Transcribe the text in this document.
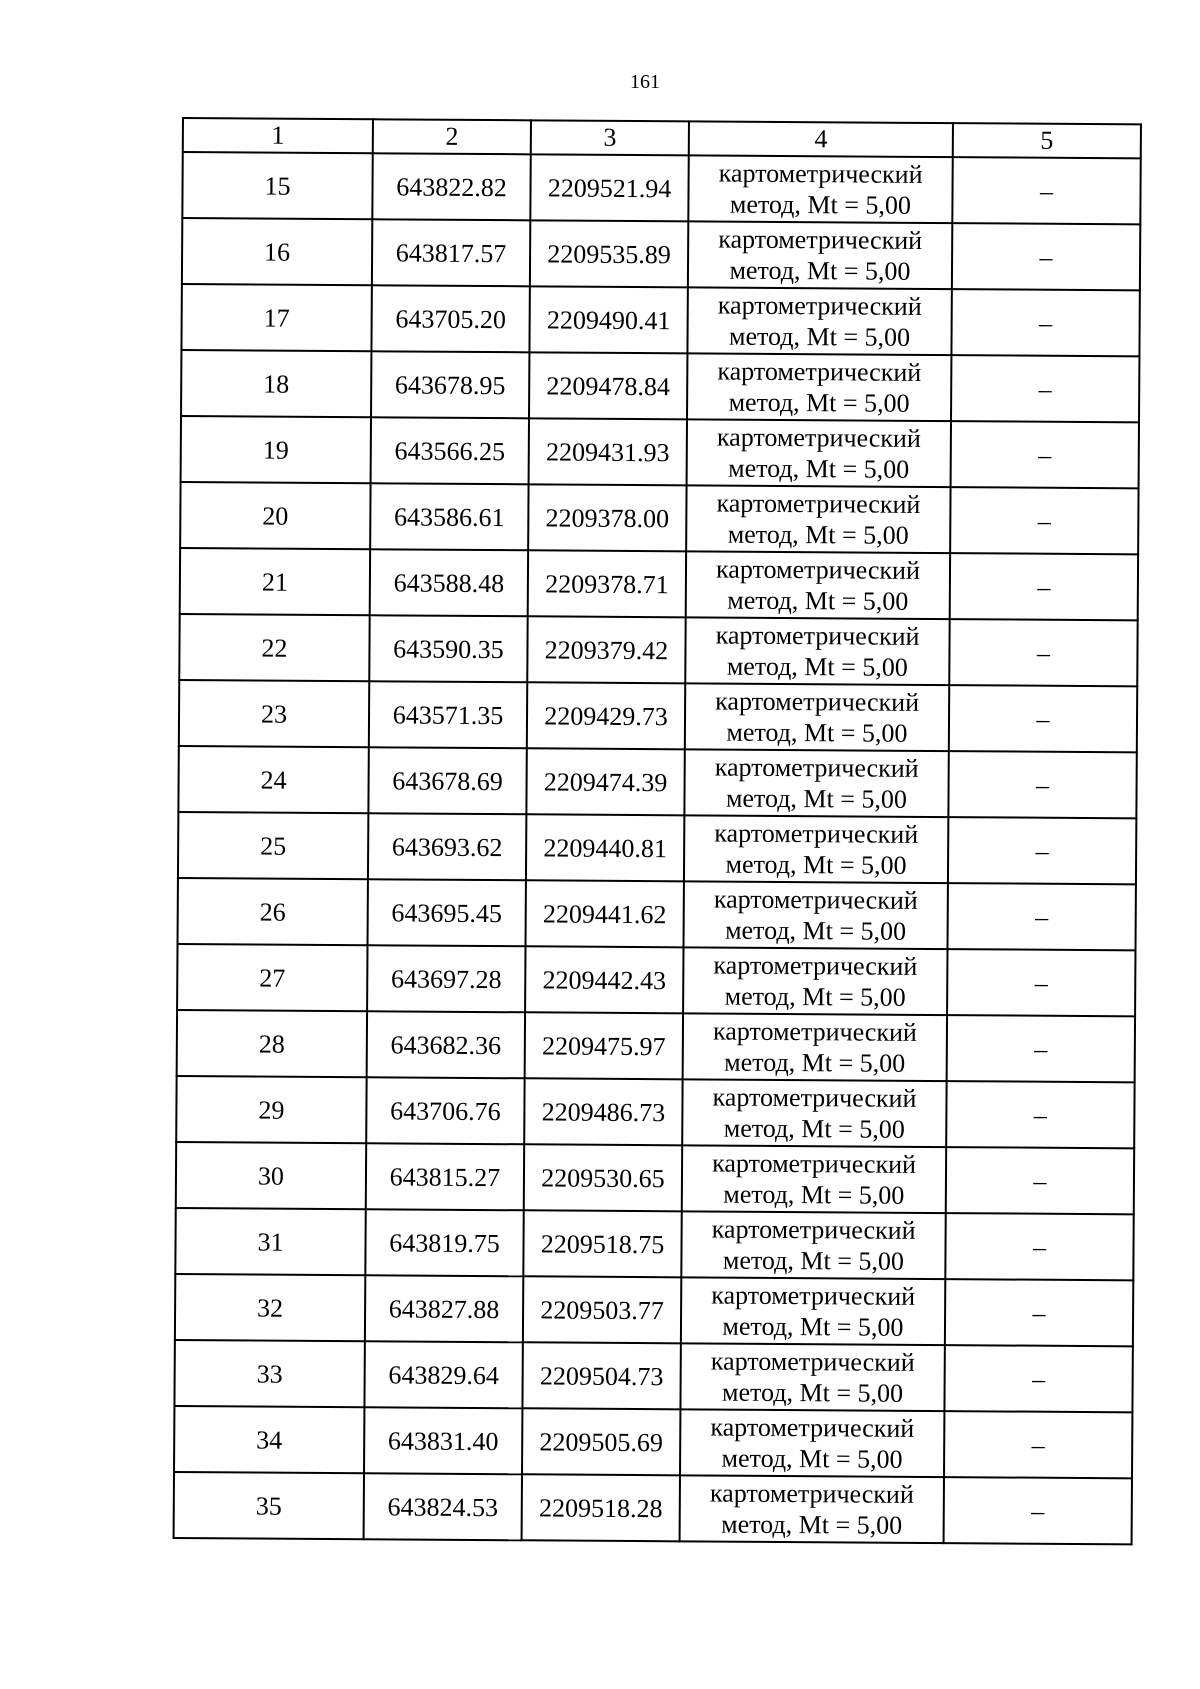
161
1	2	3	4	5
15	643822.82	2209521.94	картометрический
метод, Mt = 5,00	–
16	643817.57	2209535.89	картометрический
метод, Mt = 5,00	–
17	643705.20	2209490.41	картометрический
метод, Mt = 5,00	–
18	643678.95	2209478.84	картометрический
метод, Mt = 5,00	–
19	643566.25	2209431.93	картометрический
метод, Mt = 5,00	–
20	643586.61	2209378.00	картометрический
метод, Mt = 5,00	–
21	643588.48	2209378.71	картометрический
метод, Mt = 5,00	–
22	643590.35	2209379.42	картометрический
метод, Mt = 5,00	–
23	643571.35	2209429.73	картометрический
метод, Mt = 5,00	–
24	643678.69	2209474.39	картометрический
метод, Mt = 5,00	–
25	643693.62	2209440.81	картометрический
метод, Mt = 5,00	–
26	643695.45	2209441.62	картометрический
метод, Mt = 5,00	–
27	643697.28	2209442.43	картометрический
метод, Mt = 5,00	–
28	643682.36	2209475.97	картометрический
метод, Mt = 5,00	–
29	643706.76	2209486.73	картометрический
метод, Mt = 5,00	–
30	643815.27	2209530.65	картометрический
метод, Mt = 5,00	–
31	643819.75	2209518.75	картометрический
метод, Mt = 5,00	–
32	643827.88	2209503.77	картометрический
метод, Mt = 5,00	–
33	643829.64	2209504.73	картометрический
метод, Mt = 5,00	–
34	643831.40	2209505.69	картометрический
метод, Mt = 5,00	–
35	643824.53	2209518.28	картометрический
метод, Mt = 5,00	–
